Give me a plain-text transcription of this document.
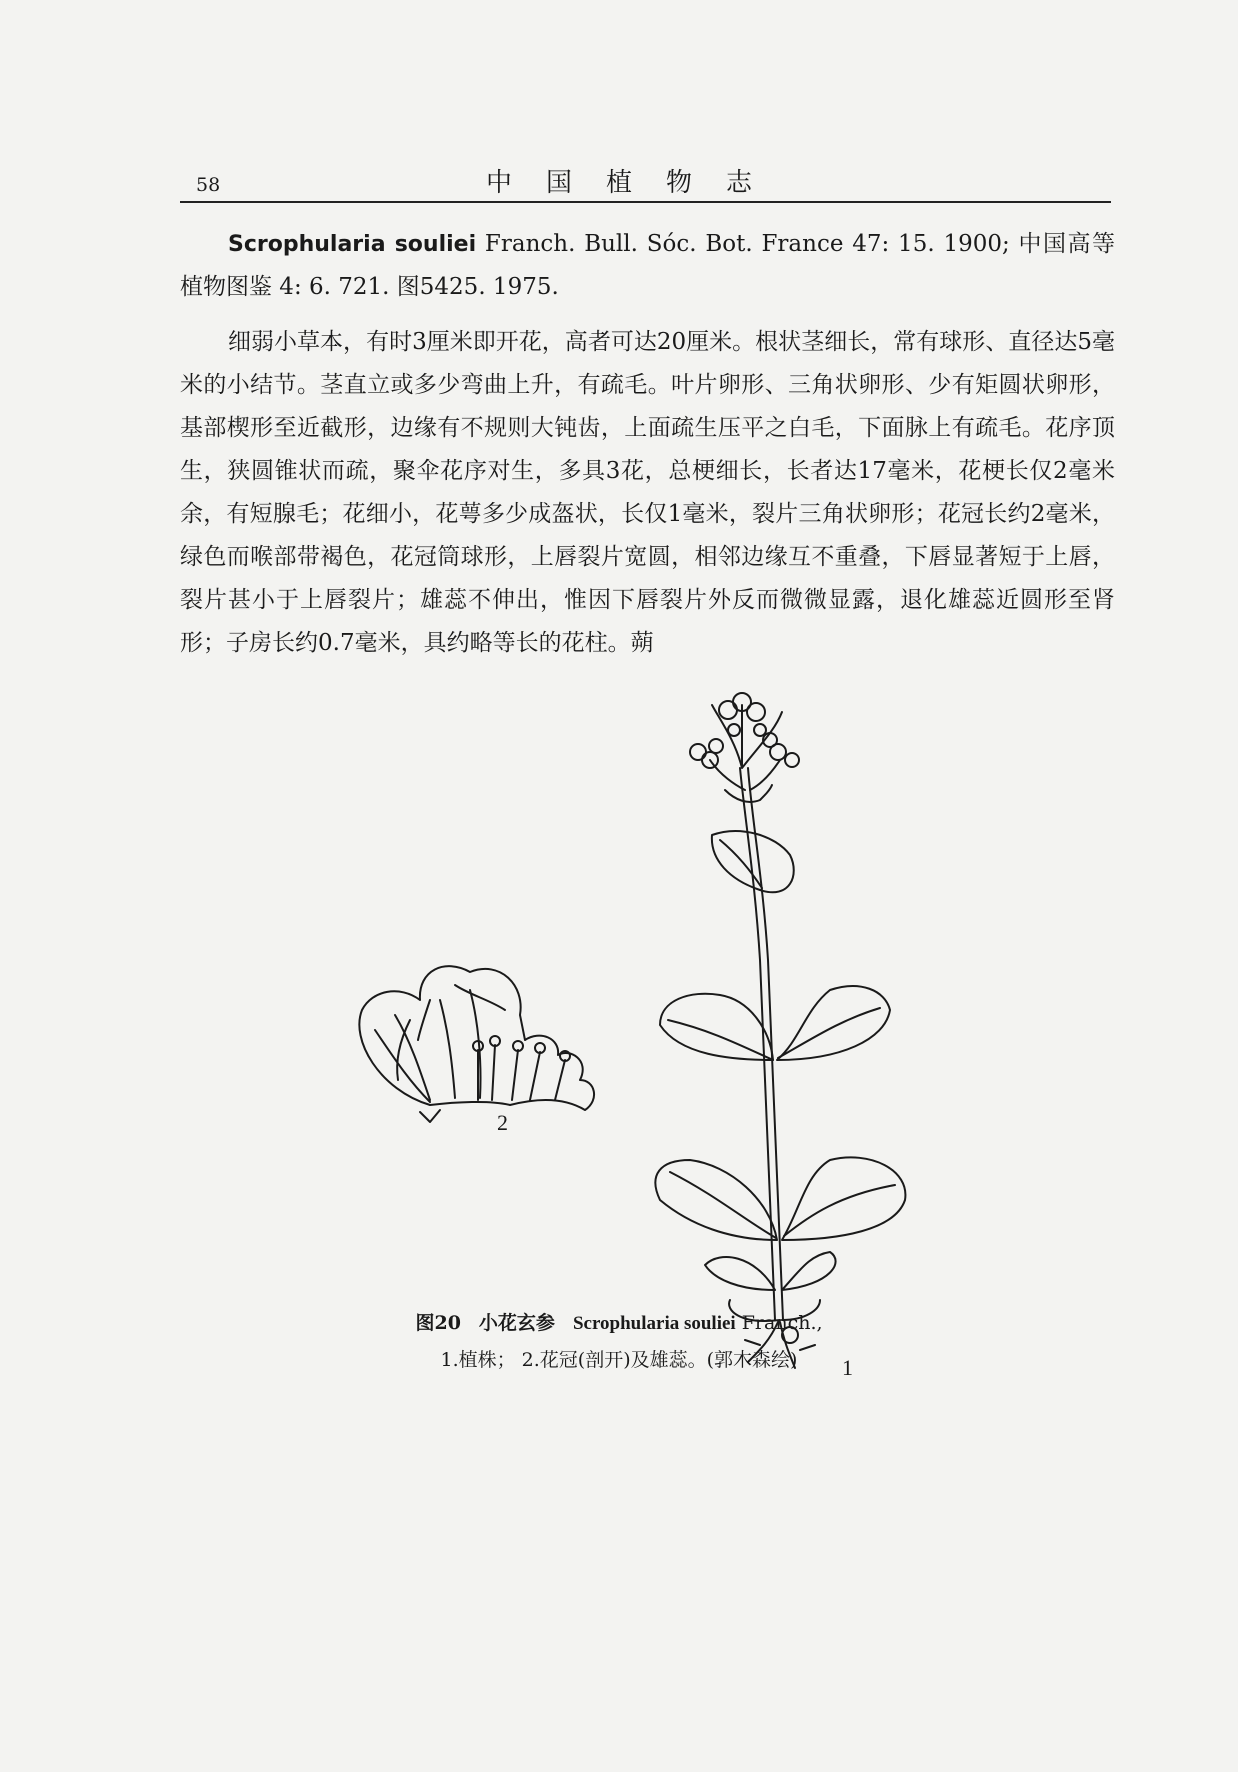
58	中国植物志

Scrophularia souliei Franch. Bull. Sóc. Bot. France 47: 15. 1900; 中国高等植物图鉴 4: 6. 721. 图5425. 1975.

细弱小草本，有时3厘米即开花，高者可达20厘米。根状茎细长，常有球形、直径达5毫米的小结节。茎直立或多少弯曲上升，有疏毛。叶片卵形、三角状卵形、少有矩圆状卵形，基部楔形至近截形，边缘有不规则大钝齿，上面疏生压平之白毛，下面脉上有疏毛。花序顶生，狭圆锥状而疏，聚伞花序对生，多具3花，总梗细长，长者达17毫米，花梗长仅2毫米余，有短腺毛；花细小，花萼多少成盔状，长仅1毫米，裂片三角状卵形；花冠长约2毫米，绿色而喉部带褐色，花冠筒球形，上唇裂片宽圆，相邻边缘互不重叠，下唇显著短于上唇，裂片甚小于上唇裂片；雄蕊不伸出，惟因下唇裂片外反而微微显露，退化雄蕊近圆形至肾形；子房长约0.7毫米，具约略等长的花柱。蒴

2
1
图20 小花玄参 Scrophularia souliei Franch.,
1.植株； 2.花冠(剖开)及雄蕊。(郭木森绘)
